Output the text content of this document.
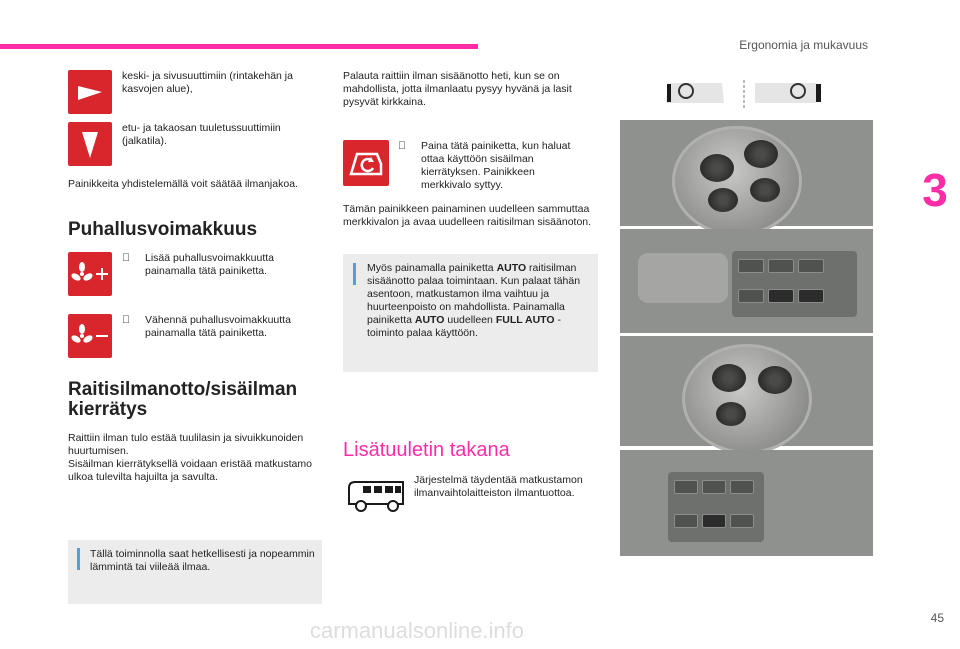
Ergonomia ja mukavuus
3
keski- ja sivusuuttimiin (rintakehän ja kasvojen alue),
etu- ja takaosan tuuletussuuttimiin (jalkatila).
Painikkeita yhdistelemällä voit säätää ilmanjakoa.
Puhallusvoimakkuus
Lisää puhallusvoimakkuutta painamalla tätä painiketta.
Vähennä puhallusvoimakkuutta painamalla tätä painiketta.
Raitisilmanotto/sisäilman
kierrätys
Raittiin ilman tulo estää tuulilasin ja sivuikkunoiden huurtumisen.
Sisäilman kierrätyksellä voidaan eristää matkustamo ulkoa tulevilta hajuilta ja savulta.
Tällä toiminnolla saat hetkellisesti ja nopeammin lämmintä tai viileää ilmaa.
Palauta raittiin ilman sisäänotto heti, kun se on mahdollista, jotta ilmanlaatu pysyy hyvänä ja lasit pysyvät kirkkaina.
Paina tätä painiketta, kun haluat ottaa käyttöön sisäilman kierrätyksen. Painikkeen merkkivalo syttyy.
Tämän painikkeen painaminen uudelleen sammuttaa merkkivalon ja avaa uudelleen raitisilman sisäänoton.
Myös painamalla painiketta AUTO raitisilman sisäänotto palaa toimintaan. Kun palaat tähän asentoon, matkustamon ilma vaihtuu ja huurteenpoisto on mahdollista. Painamalla painiketta AUTO uudelleen FULL AUTO -toiminto palaa käyttöön.
Lisätuuletin takana
Järjestelmä täydentää matkustamon ilmanvaihtolaitteiston ilmantuottoa.
45
carmanualsonline.info
